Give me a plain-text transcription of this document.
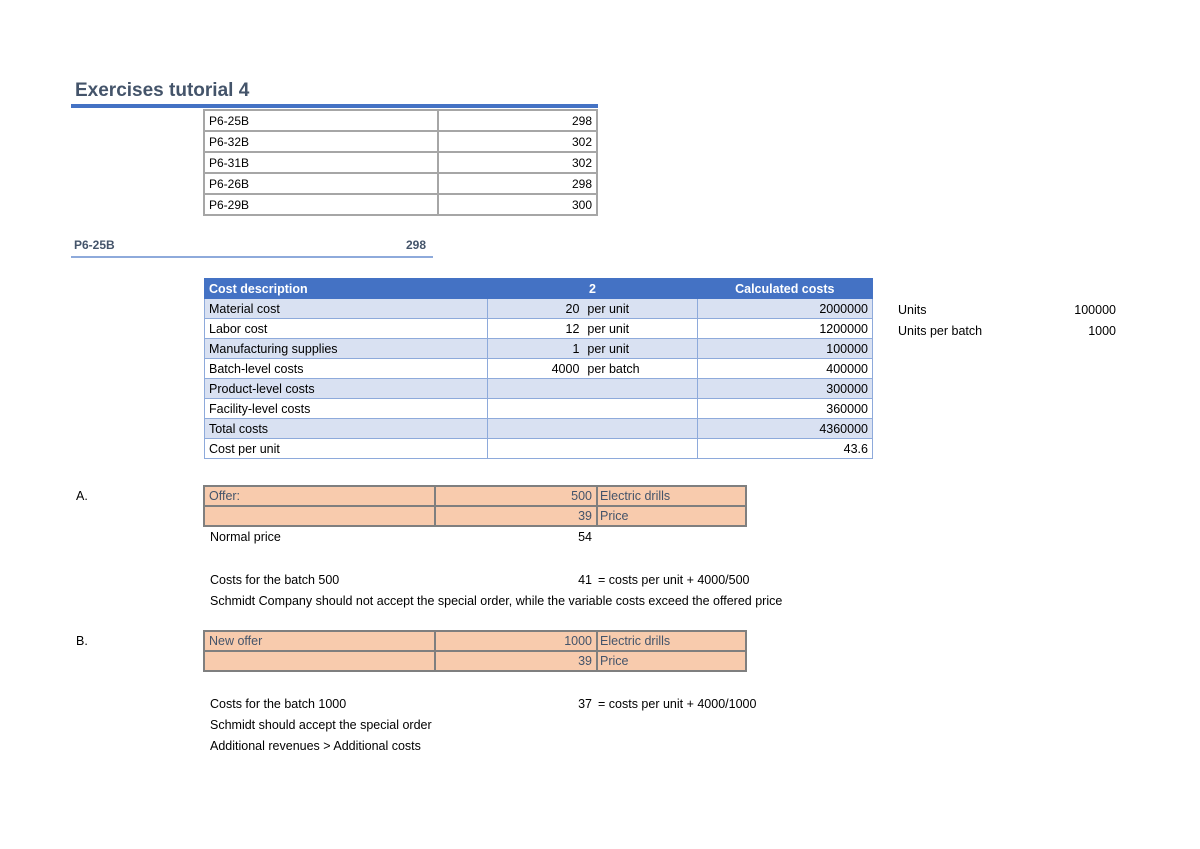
Exercises tutorial 4
P6-25B	298
P6-32B	302
P6-31B	302
P6-26B	298
P6-29B	300
P6-25B	298
Cost description	2		Calculated costs
Material cost	20	per unit	2000000
Labor cost	12	per unit	1200000
Manufacturing supplies	1	per unit	100000
Batch-level costs	4000	per batch	400000
Product-level costs			300000
Facility-level costs			360000
Total costs			4360000
Cost per unit			43.6
Units	100000
Units per batch	1000
A.	Offer:	500	Electric drills
	39	Price
Normal price	54
Costs for the batch 500	41 = costs per unit + 4000/500
Schmidt Company should not accept the special order, while the variable costs exceed the offered price
B.	New offer	1000	Electric drills
	39	Price
Costs for the batch 1000	37 = costs per unit + 4000/1000
Schmidt should accept the special order
Additional revenues > Additional costs
